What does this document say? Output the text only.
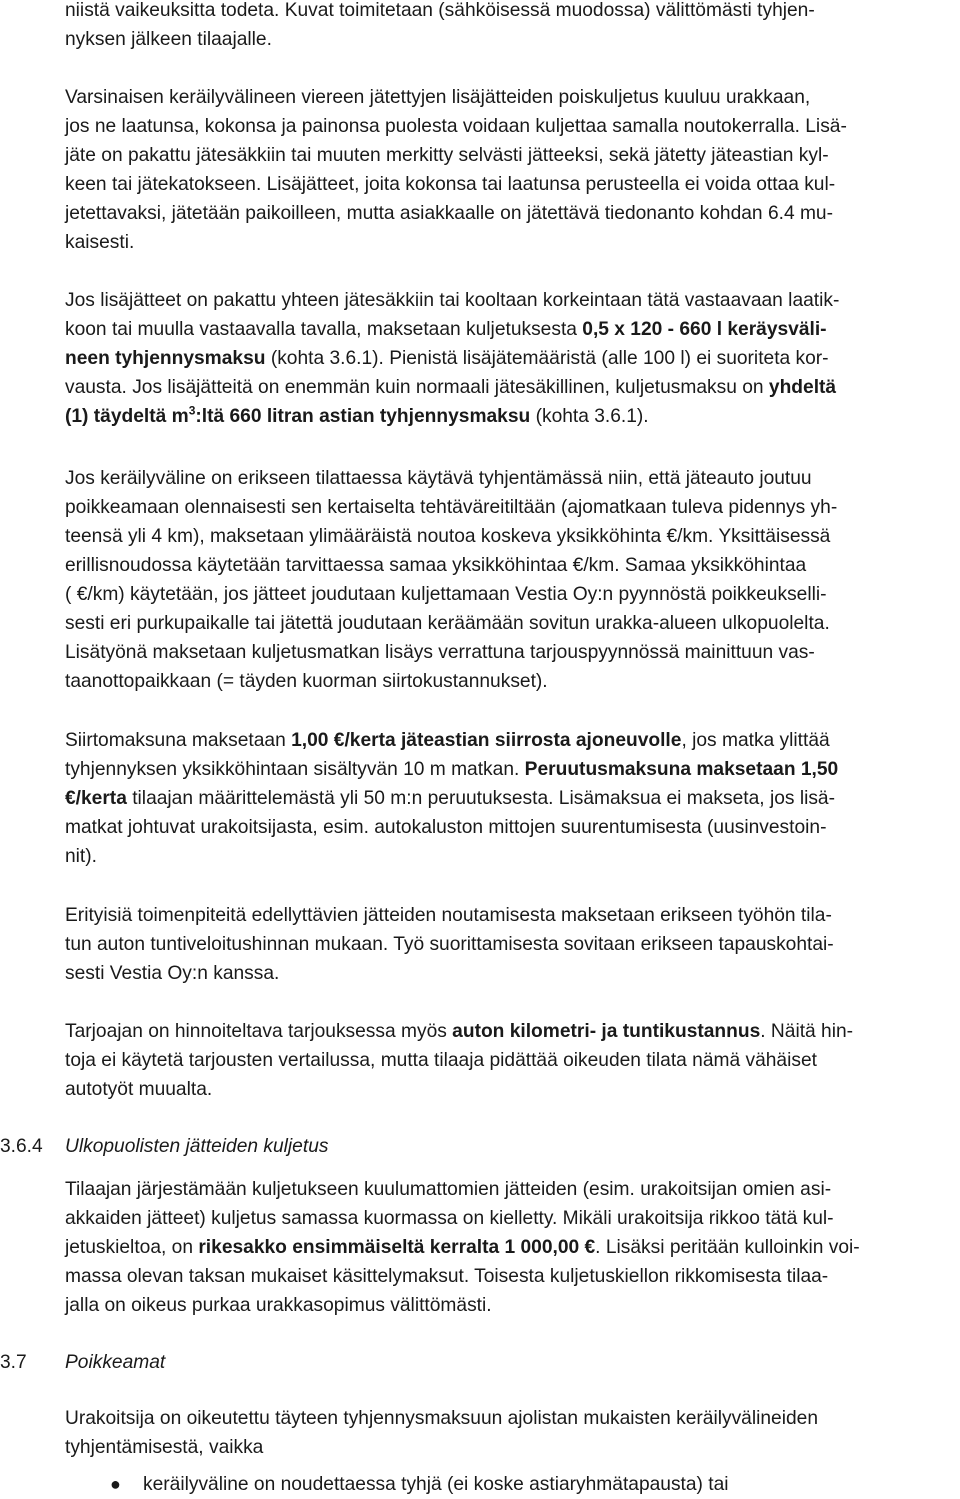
niistä vaikeuksitta todeta. Kuvat toimitetaan (sähköisessä muodossa) välittömästi tyhjen-
nyksen jälkeen tilaajalle.
Varsinaisen keräilyvälineen viereen jätettyjen lisäjätteiden poiskuljetus kuuluu urakkaan,
jos ne laatunsa, kokonsa ja painonsa puolesta voidaan kuljettaa samalla noutokerralla. Lisä-
jäte on pakattu jätesäkkiin tai muuten merkitty selvästi jätteeksi, sekä jätetty jäteastian kyl-
keen tai jätekatokseen. Lisäjätteet, joita kokonsa tai laatunsa perusteella ei voida ottaa kul-
jetettavaksi, jätetään paikoilleen, mutta asiakkaalle on jätettävä tiedonanto kohdan 6.4 mu-
kaisesti.
Jos lisäjätteet on pakattu yhteen jätesäkkiin tai kooltaan korkeintaan tätä vastaavaan laatik-
koon tai muulla vastaavalla tavalla, maksetaan kuljetuksesta 0,5 x 120 - 660 l keräysväli-
neen tyhjennysmaksu (kohta 3.6.1). Pienistä lisäjätemääristä (alle 100 l) ei suoriteta kor-
vausta. Jos lisäjätteitä on enemmän kuin normaali jätesäkillinen, kuljetusmaksu on yhdeltä
(1) täydeltä $m^3:ltä$ 660 litran astian tyhjennysmaksu (kohta 3.6.1).
Jos keräilyväline on erikseen tilattaessa käytävä tyhjentämässä niin, että jäteauto joutuu
poikkeamaan olennaisesti sen kertaiselta tehtäväreitiltään (ajomatkaan tuleva pidennys yh-
teensä yli 4 km), maksetaan ylimääräistä noutoa koskeva yksikköhinta €/km. Yksittäisessä
erillisnoudossa käytetään tarvittaessa samaa yksikköhintaa €/km. Samaa yksikköhintaa
( €/km) käytetään, jos jätteet joudutaan kuljettamaan Vestia Oy:n pyynnöstä poikkeukselli-
sesti eri purkupaikalle tai jätettä joudutaan keräämään sovitun urakka-alueen ulkopuolelta.
Lisätyönä maksetaan kuljetusmatkan lisäys verrattuna tarjouspyynnössä mainittuun vas-
taanottopaikkaan (= täyden kuorman siirtokustannukset).
Siirtomaksuna maksetaan 1,00 €/kerta jäteastian siirrosta ajoneuvolle, jos matka ylittää
tyhjennyksen yksikköhintaan sisältyvän 10 m matkan. Peruutusmaksuna maksetaan 1,50
€/kerta tilaajan määrittelemästä yli 50 m:n peruutuksesta. Lisämaksua ei makseta, jos lisä-
matkat johtuvat urakoitsijasta, esim. autokaluston mittojen suurentumisesta (uusinvestoin-
nit).
Erityisiä toimenpiteitä edellyttävien jätteiden noutamisesta maksetaan erikseen työhön tila-
tun auton tuntiveloitushinnan mukaan. Työ suorittamisesta sovitaan erikseen tapauskohtai-
sesti Vestia Oy:n kanssa.
Tarjoajan on hinnoiteltava tarjouksessa myös auton kilometri- ja tuntikustannus. Näitä hin-
toja ei käytetä tarjousten vertailussa, mutta tilaaja pidättää oikeuden tilata nämä vähäiset
autotyöt muualta.
3.6.4 Ulkopuolisten jätteiden kuljetus
Tilaajan järjestämään kuljetukseen kuulumattomien jätteiden (esim. urakoitsijan omien asi-
akkaiden jätteet) kuljetus samassa kuormassa on kielletty. Mikäli urakoitsija rikkoo tätä kul-
jetuskieltoa, on rikesakko ensimmäiseltä kerralta 1 000,00 €. Lisäksi peritään kulloinkin voi-
massa olevan taksan mukaiset käsittelymaksut. Toisesta kuljetuskiellon rikkomisesta tilaa-
jalla on oikeus purkaa urakkasopimus välittömästi.
3.7 Poikkeamat
Urakoitsija on oikeutettu täyteen tyhjennysmaksuun ajolistan mukaisten keräilyvälineiden
tyhjentämisestä, vaikka
● keräilyväline on noudettaessa tyhjä (ei koske astiaryhmätapausta) tai
